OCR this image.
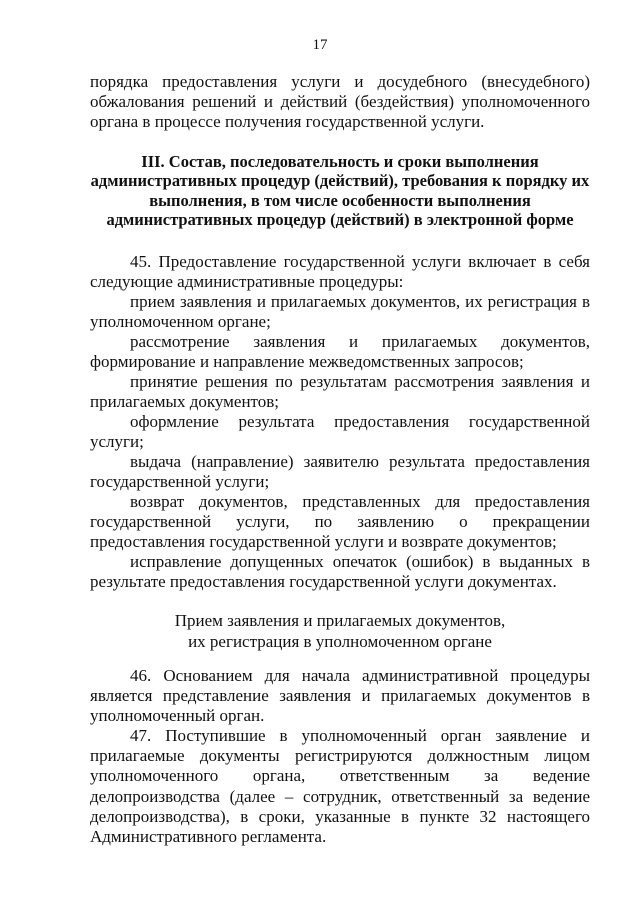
17
порядка предоставления услуги и досудебного (внесудебного) обжалования решений и действий (бездействия) уполномоченного органа в процессе получения государственной услуги.
III. Состав, последовательность и сроки выполнения административных процедур (действий), требования к порядку их выполнения, в том числе особенности выполнения административных процедур (действий) в электронной форме
45. Предоставление государственной услуги включает в себя следующие административные процедуры:
прием заявления и прилагаемых документов, их регистрация в уполномоченном органе;
рассмотрение заявления и прилагаемых документов, формирование и направление межведомственных запросов;
принятие решения по результатам рассмотрения заявления и прилагаемых документов;
оформление результата предоставления государственной услуги;
выдача (направление) заявителю результата предоставления государственной услуги;
возврат документов, представленных для предоставления государственной услуги, по заявлению о прекращении предоставления государственной услуги и возврате документов;
исправление допущенных опечаток (ошибок) в выданных в результате предоставления государственной услуги документах.
Прием заявления и прилагаемых документов,
их регистрация в уполномоченном органе
46. Основанием для начала административной процедуры является представление заявления и прилагаемых документов в уполномоченный орган.
47. Поступившие в уполномоченный орган заявление и прилагаемые документы регистрируются должностным лицом уполномоченного органа, ответственным за ведение делопроизводства (далее – сотрудник, ответственный за ведение делопроизводства), в сроки, указанные в пункте 32 настоящего Административного регламента.
